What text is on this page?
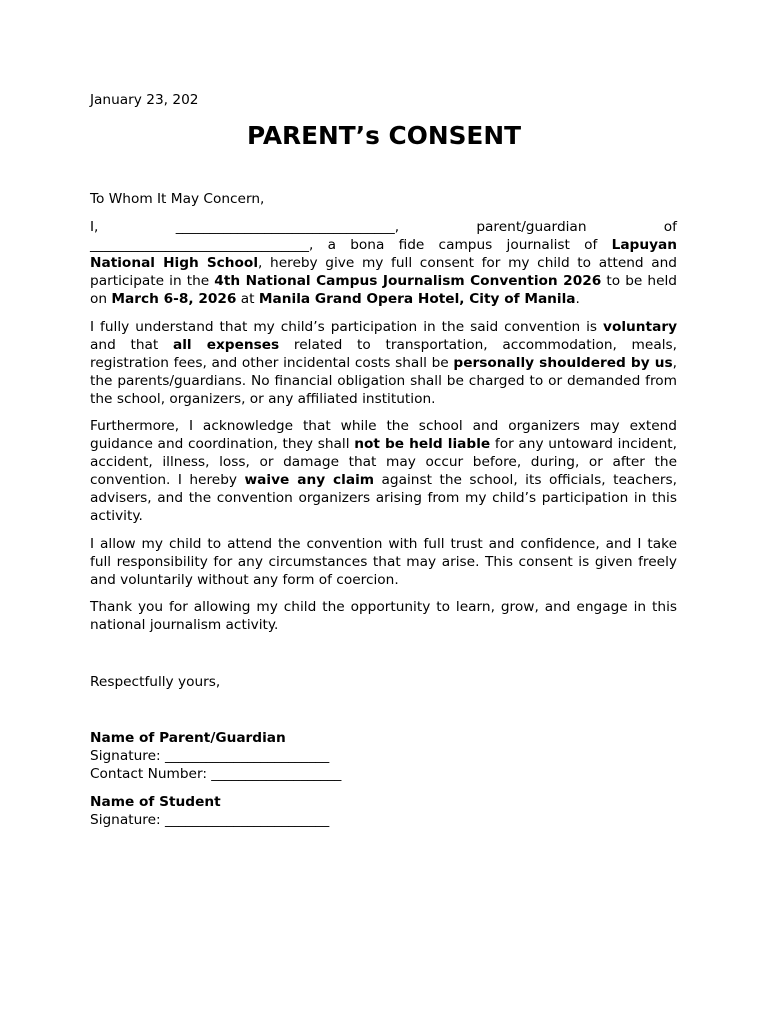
January 23, 202

PARENT’s CONSENT

To Whom It May Concern,

I, ________________________________, parent/guardian of ________________________________, a bona fide campus journalist of Lapuyan National High School, hereby give my full consent for my child to attend and participate in the 4th National Campus Journalism Convention 2026 to be held on March 6-8, 2026 at Manila Grand Opera Hotel, City of Manila.

I fully understand that my child’s participation in the said convention is voluntary and that all expenses related to transportation, accommodation, meals, registration fees, and other incidental costs shall be personally shouldered by us, the parents/guardians. No financial obligation shall be charged to or demanded from the school, organizers, or any affiliated institution.

Furthermore, I acknowledge that while the school and organizers may extend guidance and coordination, they shall not be held liable for any untoward incident, accident, illness, loss, or damage that may occur before, during, or after the convention. I hereby waive any claim against the school, its officials, teachers, advisers, and the convention organizers arising from my child’s participation in this activity.

I allow my child to attend the convention with full trust and confidence, and I take full responsibility for any circumstances that may arise. This consent is given freely and voluntarily without any form of coercion.

Thank you for allowing my child the opportunity to learn, grow, and engage in this national journalism activity.

Respectfully yours,

Name of Parent/Guardian
Signature: ________________________
Contact Number: ___________________
Name of Student
Signature: ________________________
